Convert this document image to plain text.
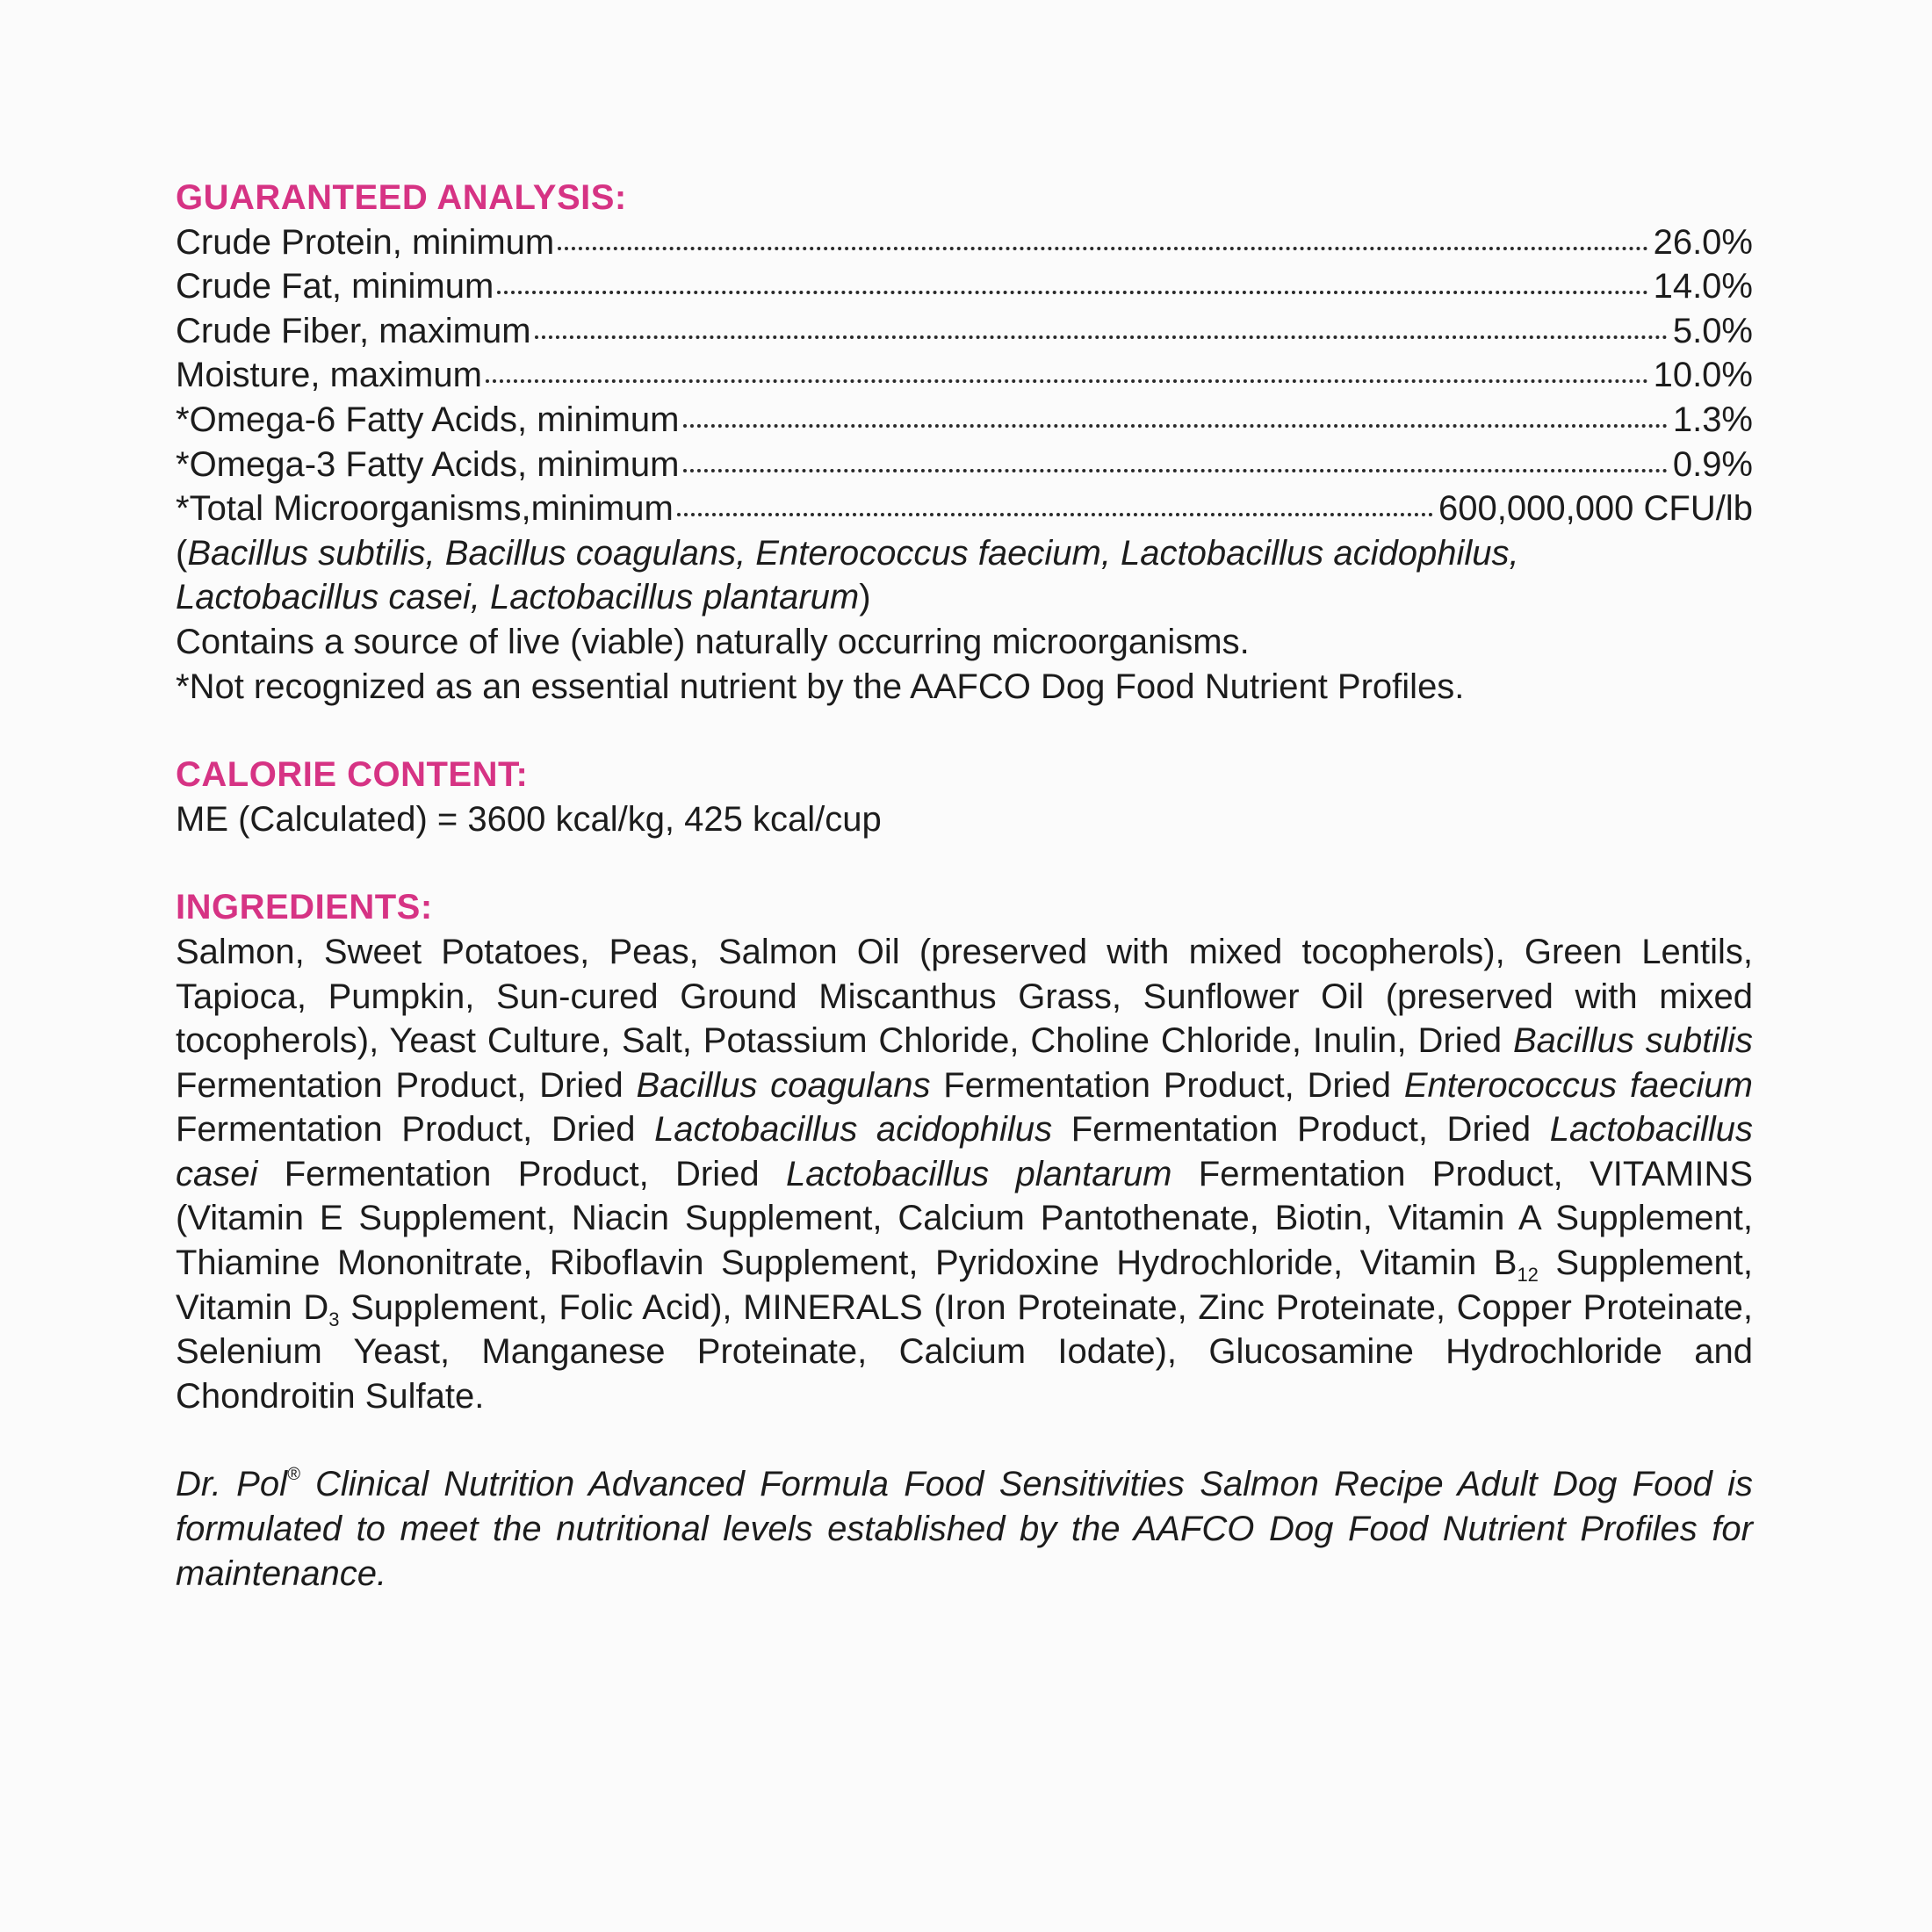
GUARANTEED ANALYSIS:
Crude Protein, minimum	26.0%
Crude Fat, minimum	14.0%
Crude Fiber, maximum	5.0%
Moisture, maximum	10.0%
*Omega-6 Fatty Acids, minimum	1.3%
*Omega-3 Fatty Acids, minimum	0.9%
*Total Microorganisms,minimum	600,000,000 CFU/lb
(Bacillus subtilis, Bacillus coagulans, Enterococcus faecium, Lactobacillus acidophilus,
Lactobacillus casei, Lactobacillus plantarum)
Contains a source of live (viable) naturally occurring microorganisms.
*Not recognized as an essential nutrient by the AAFCO Dog Food Nutrient Profiles.
CALORIE CONTENT:
ME (Calculated) = 3600 kcal/kg, 425 kcal/cup
INGREDIENTS:

Salmon, Sweet Potatoes, Peas, Salmon Oil (preserved with mixed tocopherols), Green Lentils, Tapioca, Pumpkin, Sun-cured Ground Miscanthus Grass, Sunflower Oil (preserved with mixed tocopherols), Yeast Culture, Salt, Potassium Chloride, Choline Chloride, Inulin, Dried Bacillus subtilis Fermentation Product, Dried Bacillus coagulans Fermentation Product, Dried Enterococcus faecium Fermentation Product, Dried Lactobacillus acidophilus Fermentation Product, Dried Lactobacillus casei Fermentation Product, Dried Lactobacillus plantarum Fermentation Product, VITAMINS (Vitamin E Supplement, Niacin Supplement, Calcium Pantothenate, Biotin, Vitamin A Supplement, Thiamine Mononitrate, Riboflavin Supplement, Pyridoxine Hydrochloride, Vitamin $B_{12}$ Supplement, Vitamin $D_3$ Supplement, Folic Acid), MINERALS (Iron Proteinate, Zinc Proteinate, Copper Proteinate, Selenium Yeast, Manganese Proteinate, Calcium Iodate), Glucosamine Hydrochloride and Chondroitin Sulfate.

Dr. Pol® Clinical Nutrition Advanced Formula Food Sensitivities Salmon Recipe Adult Dog Food is formulated to meet the nutritional levels established by the AAFCO Dog Food Nutrient Profiles for maintenance.
